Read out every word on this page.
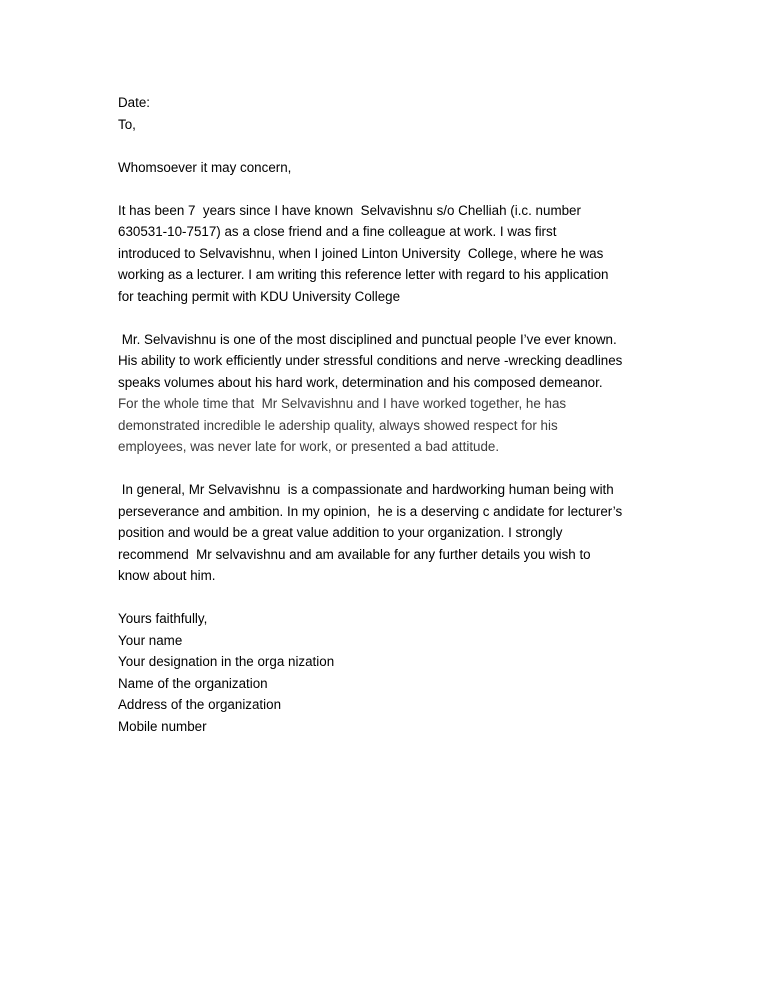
Date:
To,
Whomsoever it may concern,
It has been 7  years since I have known  Selvavishnu s/o Chelliah (i.c. number
630531-10-7517) as a close friend and a fine colleague at work. I was first
introduced to Selvavishnu, when I joined Linton University  College, where he was
working as a lecturer. I am writing this reference letter with regard to his application
for teaching permit with KDU University College
Mr. Selvavishnu is one of the most disciplined and punctual people I’ve ever known.
His ability to work efficiently under stressful conditions and nerve -wrecking deadlines
speaks volumes about his hard work, determination and his composed demeanor.
For the whole time that  Mr Selvavishnu and I have worked together, he has
demonstrated incredible le adership quality, always showed respect for his
employees, was never late for work, or presented a bad attitude.
In general, Mr Selvavishnu  is a compassionate and hardworking human being with
perseverance and ambition. In my opinion,  he is a deserving c andidate for lecturer’s
position and would be a great value addition to your organization. I strongly
recommend  Mr selvavishnu and am available for any further details you wish to
know about him.
Yours faithfully,
Your name
Your designation in the orga nization
Name of the organization
Address of the organization
Mobile number
